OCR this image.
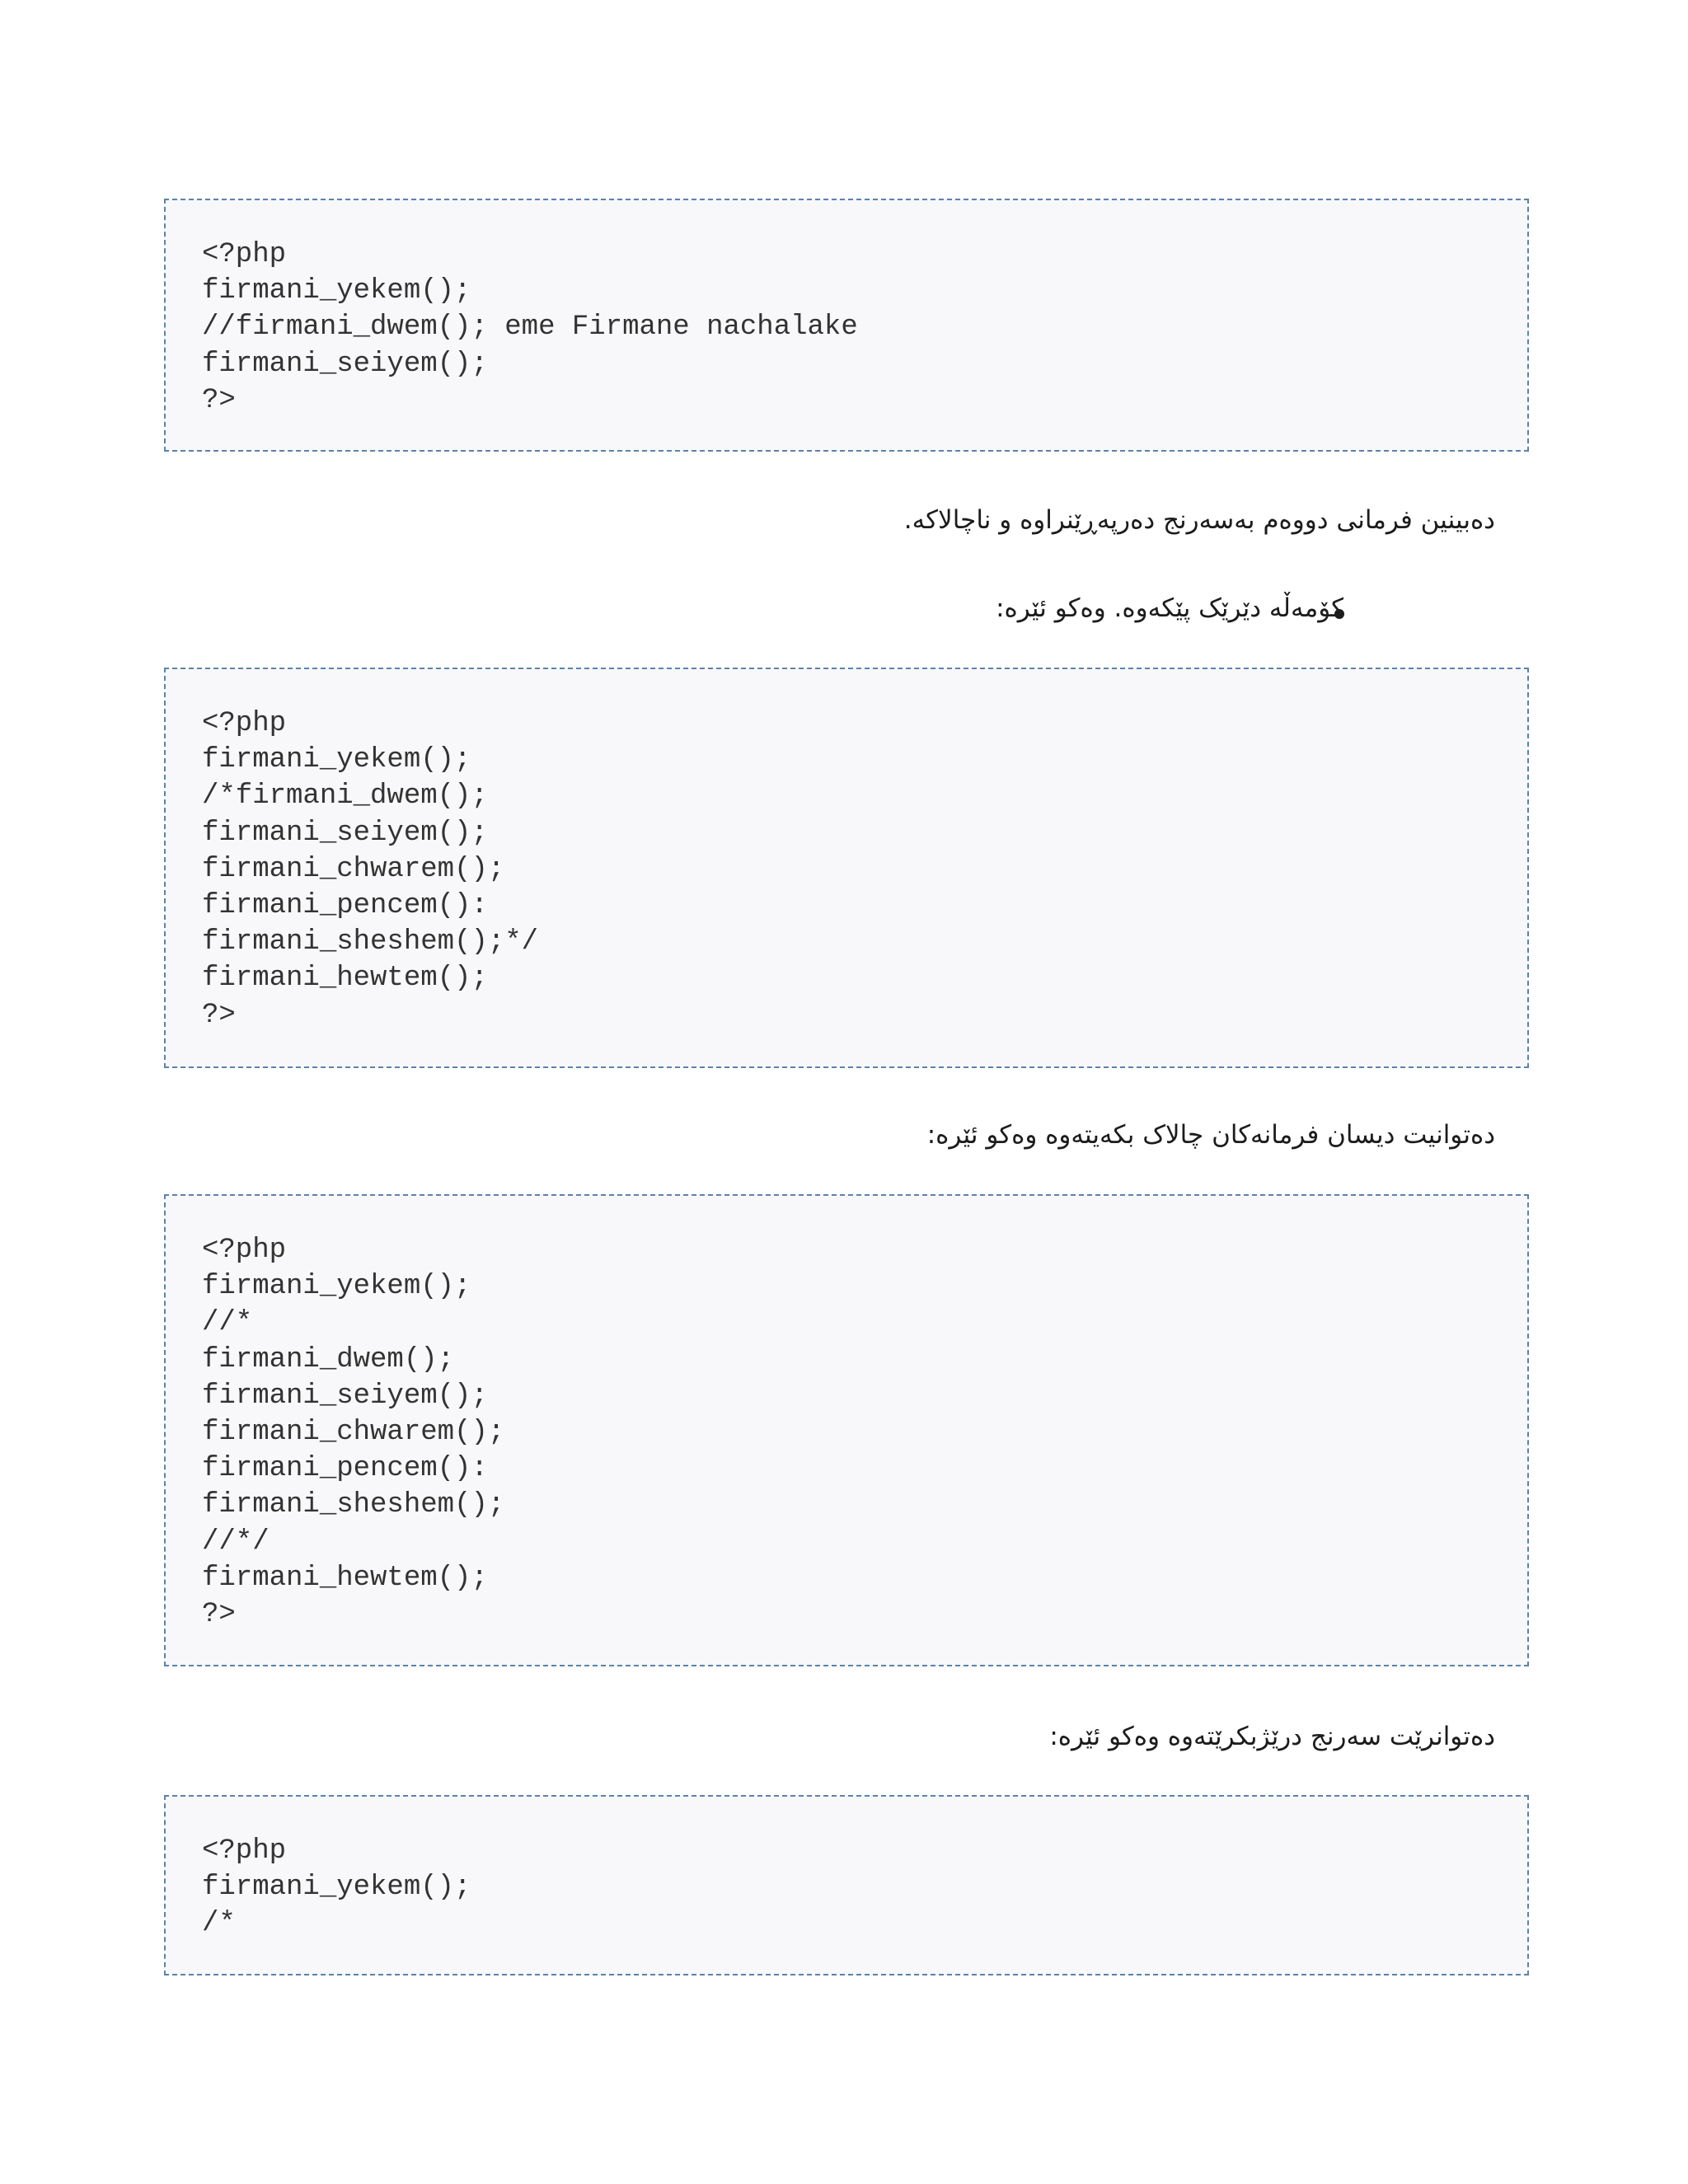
<?php
firmani_yekem();
//firmani_dwem(); eme Firmane nachalake
firmani_seiyem();
?>
دەبینین فرمانی دووەم بەسەرنج دەرپەڕێنراوە و ناچالاکە.
کۆمەڵە دێرێک پێکەوە. وەکو ئێرە:
<?php
firmani_yekem();
/*firmani_dwem();
firmani_seiyem();
firmani_chwarem();
firmani_pencem():
firmani_sheshem();*/
firmani_hewtem();
?>
دەتوانیت دیسان فرمانەکان چالاک بکەیتەوە وەکو ئێرە:
<?php
firmani_yekem();
//*
firmani_dwem();
firmani_seiyem();
firmani_chwarem();
firmani_pencem():
firmani_sheshem();
//*/
firmani_hewtem();
?>
دەتوانرێت سەرنج درێژبکرێتەوە وەکو ئێرە:
<?php
firmani_yekem();
/*
